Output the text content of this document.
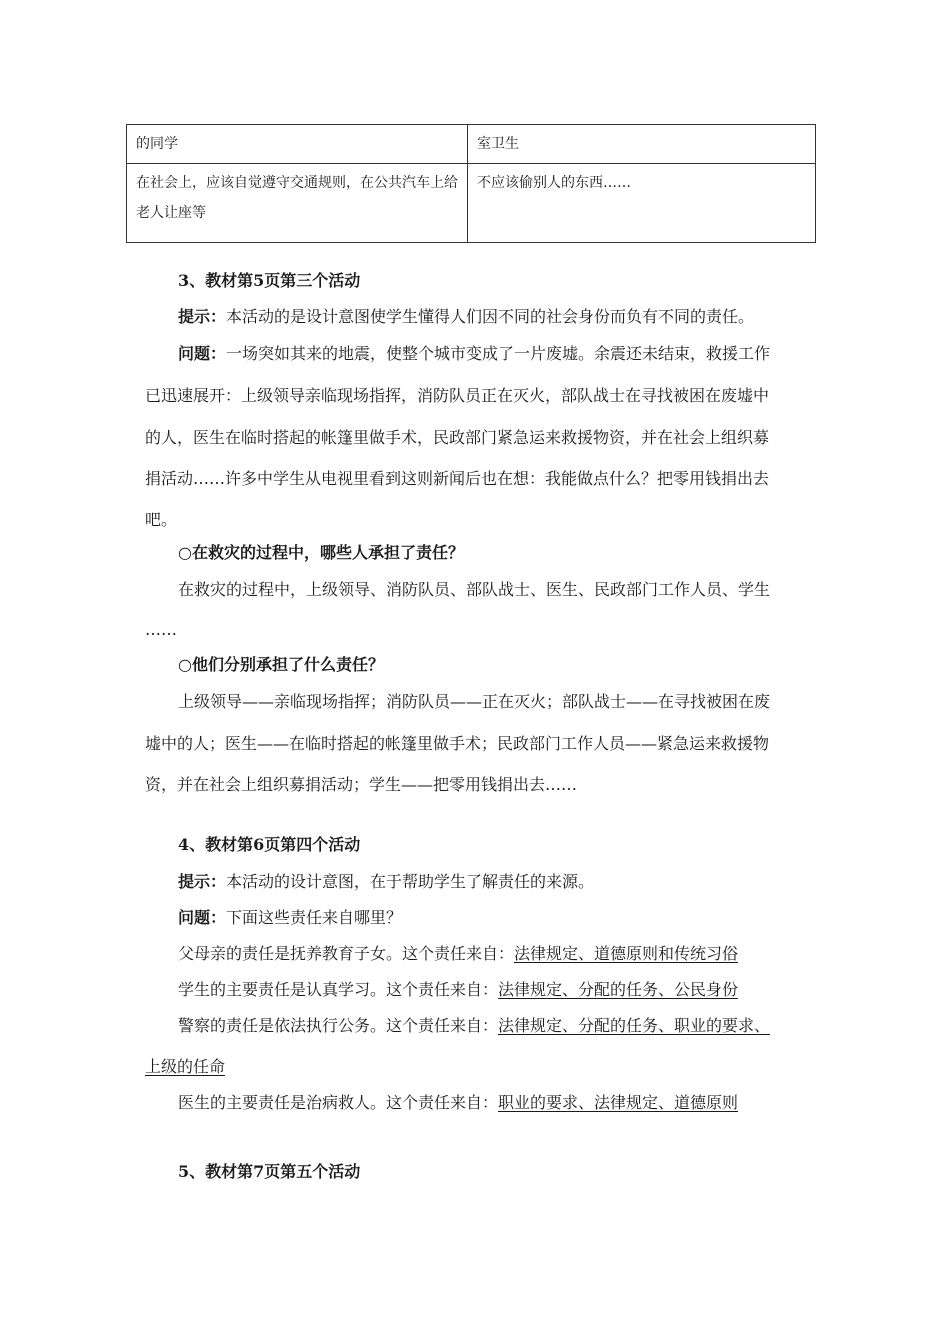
的同学	室卫生
在社会上，应该自觉遵守交通规则，在公共汽车上给老人让座等	不应该偷别人的东西……
3、教材第5页第三个活动
提示：本活动的是设计意图使学生懂得人们因不同的社会身份而负有不同的责任。
问题：一场突如其来的地震，使整个城市变成了一片废墟。余震还未结束，救援工作
已迅速展开：上级领导亲临现场指挥，消防队员正在灭火，部队战士在寻找被困在废墟中
的人，医生在临时搭起的帐篷里做手术，民政部门紧急运来救援物资，并在社会上组织募
捐活动……许多中学生从电视里看到这则新闻后也在想：我能做点什么？把零用钱捐出去
吧。
○在救灾的过程中，哪些人承担了责任？
在救灾的过程中，上级领导、消防队员、部队战士、医生、民政部门工作人员、学生
……
○他们分别承担了什么责任？
上级领导——亲临现场指挥；消防队员——正在灭火；部队战士——在寻找被困在废
墟中的人；医生——在临时搭起的帐篷里做手术；民政部门工作人员——紧急运来救援物
资，并在社会上组织募捐活动；学生——把零用钱捐出去……
4、教材第6页第四个活动
提示：本活动的设计意图，在于帮助学生了解责任的来源。
问题：下面这些责任来自哪里？
父母亲的责任是抚养教育子女。这个责任来自：法律规定、道德原则和传统习俗
学生的主要责任是认真学习。这个责任来自：法律规定、分配的任务、公民身份
警察的责任是依法执行公务。这个责任来自：法律规定、分配的任务、职业的要求、
上级的任命
医生的主要责任是治病救人。这个责任来自：职业的要求、法律规定、道德原则
5、教材第7页第五个活动
